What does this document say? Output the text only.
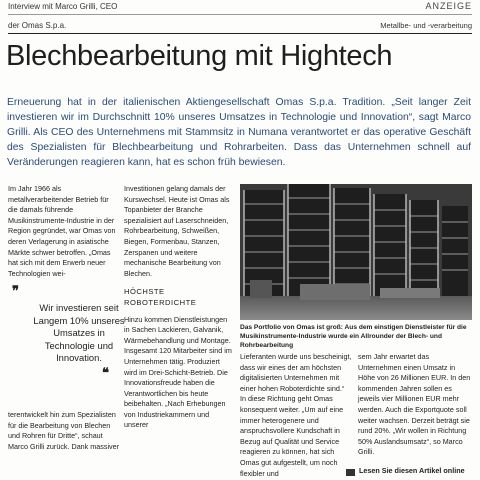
Interview mit Marco Grilli, CEO
der Omas S.p.a.
ANZEIGE
Metallbe- und -verarbeitung
Blechbearbeitung mit Hightech
Erneuerung hat in der italienischen Aktiengesellschaft Omas S.p.a. Tradition. „Seit langer Zeit investieren wir im Durchschnitt 10% unseres Umsatzes in Technologie und Innovation“, sagt Marco Grilli. Als CEO des Unternehmens mit Stammsitz in Numana verantwortet er das operative Geschäft des Spezialisten für Blechbearbeitung und Rohrarbeiten. Dass das Unternehmen schnell auf Veränderungen reagieren kann, hat es schon früh bewiesen.

Im Jahr 1966 als metallverarbeitender Betrieb für die damals führende Musikinstrumente-Industrie in der Region gegründet, war Omas von deren Verlagerung in asiatische Märkte schwer betroffen. „Omas hat sich mit dem Erwerb neuer Technologien wei-

❞
Wir investieren seit Langem 10% unseres Umsatzes in Technologie und Innovation.
❝

terentwickelt hin zum Spezialisten für die Bearbeitung von Blechen und Rohren für Dritte“, schaut Marco Grilli zurück. Dank massiver

Investitionen gelang damals der Kurswechsel. Heute ist Omas als Topanbieter der Branche spezialisiert auf Laserschneiden, Rohrbearbeitung, Schweißen, Biegen, Formenbau, Stanzen, Zerspanen und weitere mechanische Bearbeitung von Blechen.

HÖCHSTE ROBOTERDICHTE

Hinzu kommen Dienstleistungen in Sachen Lackieren, Galvanik, Wärmebehandlung und Montage. Insgesamt 120 Mitarbeiter sind im Unternehmen tätig. Produziert wird im Drei-Schicht-Betrieb. Die Innovationsfreude haben die Verantwortlichen bis heute beibehalten. „Nach Erhebungen von Industriekammern und unserer

Das Portfolio von Omas ist groß: Aus dem einstigen Dienstleister für die Musikinstrumente-Industrie wurde ein Allrounder der Blech- und Rohrbearbeitung

Lieferanten wurde uns bescheinigt, dass wir eines der am höchsten digitalisierten Unternehmen mit einer hohen Roboterdichte sind.“ In diese Richtung geht Omas konsequent weiter. „Um auf eine immer heterogenere und anspruchsvollere Kundschaft in Bezug auf Qualität und Service reagieren zu können, hat sich Omas gut aufgestellt, um noch flexibler und

sem Jahr erwartet das Unternehmen einen Umsatz in Höhe von 26 Millionen EUR. In den kommenden Jahren sollen es jeweils vier Millionen EUR mehr werden. Auch die Exportquote soll weiter wachsen. Derzeit beträgt sie rund 20%. „Wir wollen in Richtung 50% Auslandsumsatz“, so Marco Grilli.

Lesen Sie diesen Artikel online
